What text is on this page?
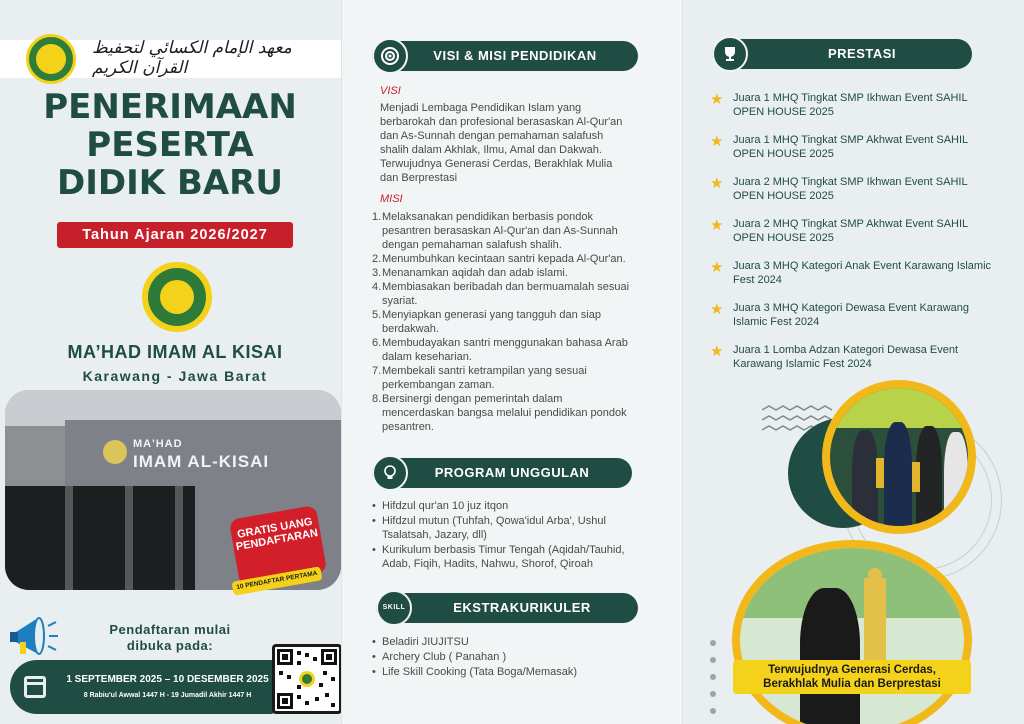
معهد الإمام الكسائي لتحفيظ القرآن الكريم
PENERIMAAN
PESERTA
DIDIK BARU
Tahun Ajaran 2026/2027
MA’HAD IMAM AL KISAI
Karawang - Jawa Barat
MA'HAD
IMAM AL-KISAI
GRATIS UANG PENDAFTARAN
10 PENDAFTAR PERTAMA
Pendaftaran mulai
dibuka pada:
1 SEPTEMBER 2025 – 10 DESEMBER 2025
8 Rabiu'ul Awwal 1447 H - 19 Jumadil Akhir 1447 H
VISI & MISI PENDIDIKAN
VISI
Menjadi Lembaga Pendidikan Islam yang berbarokah dan profesional berasaskan Al-Qur'an dan As-Sunnah dengan pemahaman salafush shalih dalam Akhlak, Ilmu, Amal dan Dakwah. Terwujudnya Generasi Cerdas, Berakhlak Mulia dan Berprestasi
MISI
1. Melaksanakan pendidikan berbasis pondok pesantren berasaskan Al-Qur'an dan As-Sunnah dengan pemahaman salafush shalih.
2. Menumbuhkan kecintaan santri kepada Al-Qur'an.
3. Menanamkan aqidah dan adab islami.
4. Membiasakan beribadah dan bermuamalah sesuai syariat.
5. Menyiapkan generasi yang tangguh dan siap berdakwah.
6. Membudayakan santri menggunakan bahasa Arab dalam keseharian.
7. Membekali santri ketrampilan yang sesuai perkembangan zaman.
8. Bersinergi dengan pemerintah dalam mencerdaskan bangsa melalui pendidikan pondok pesantren.
PROGRAM UNGGULAN
• Hifdzul qur'an 10 juz itqon
• Hifdzul mutun (Tuhfah, Qowa'idul Arba', Ushul Tsalatsah, Jazary, dll)
• Kurikulum berbasis Timur Tengah (Aqidah/Tauhid, Adab, Fiqih, Hadits, Nahwu, Shorof, Qiroah
EKSTRAKURIKULER
SKILL
• Beladiri JIUJITSU
• Archery Club ( Panahan )
• Life Skill Cooking (Tata Boga/Memasak)
PRESTASI
★ Juara 1 MHQ Tingkat SMP Ikhwan Event SAHIL OPEN HOUSE 2025
★ Juara 1 MHQ Tingkat SMP Akhwat Event SAHIL OPEN HOUSE 2025
★ Juara 2 MHQ Tingkat SMP Ikhwan Event SAHIL OPEN HOUSE 2025
★ Juara 2 MHQ Tingkat SMP Akhwat Event SAHIL OPEN HOUSE 2025
★ Juara 3 MHQ Kategori Anak Event Karawang Islamic Fest 2024
★ Juara 3 MHQ Kategori Dewasa Event Karawang Islamic Fest 2024
★ Juara 1 Lomba Adzan Kategori Dewasa Event Karawang Islamic Fest 2024
Terwujudnya Generasi Cerdas,
Berakhlak Mulia dan Berprestasi
